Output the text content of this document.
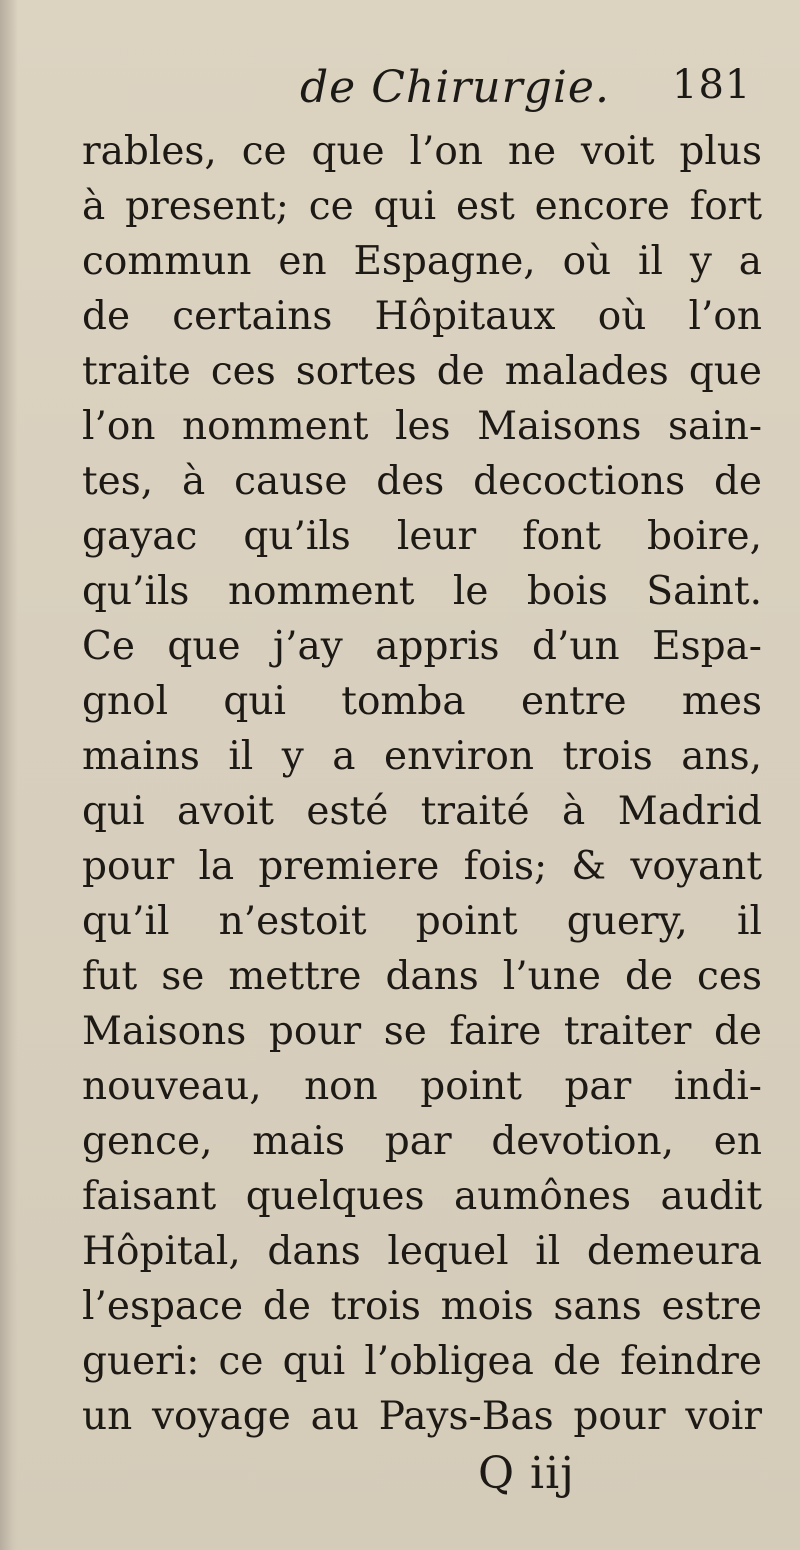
de Chirurgie. 181
rables, ce que l’on ne voit plus
à present; ce qui est encore fort
commun en Espagne, où il y a
de certains Hôpitaux où l’on
traite ces sortes de malades que
l’on nomment les Maisons sain-
tes, à cause des decoctions de
gayac qu’ils leur font boire,
qu’ils nomment le bois Saint.
Ce que j’ay appris d’un Espa-
gnol qui tomba entre mes
mains il y a environ trois ans,
qui avoit esté traité à Madrid
pour la premiere fois; & voyant
qu’il n’estoit point guery, il
fut se mettre dans l’une de ces
Maisons pour se faire traiter de
nouveau, non point par indi-
gence, mais par devotion, en
faisant quelques aumônes audit
Hôpital, dans lequel il demeura
l’espace de trois mois sans estre
gueri: ce qui l’obligea de feindre
un voyage au Pays-Bas pour voir
Q iij
